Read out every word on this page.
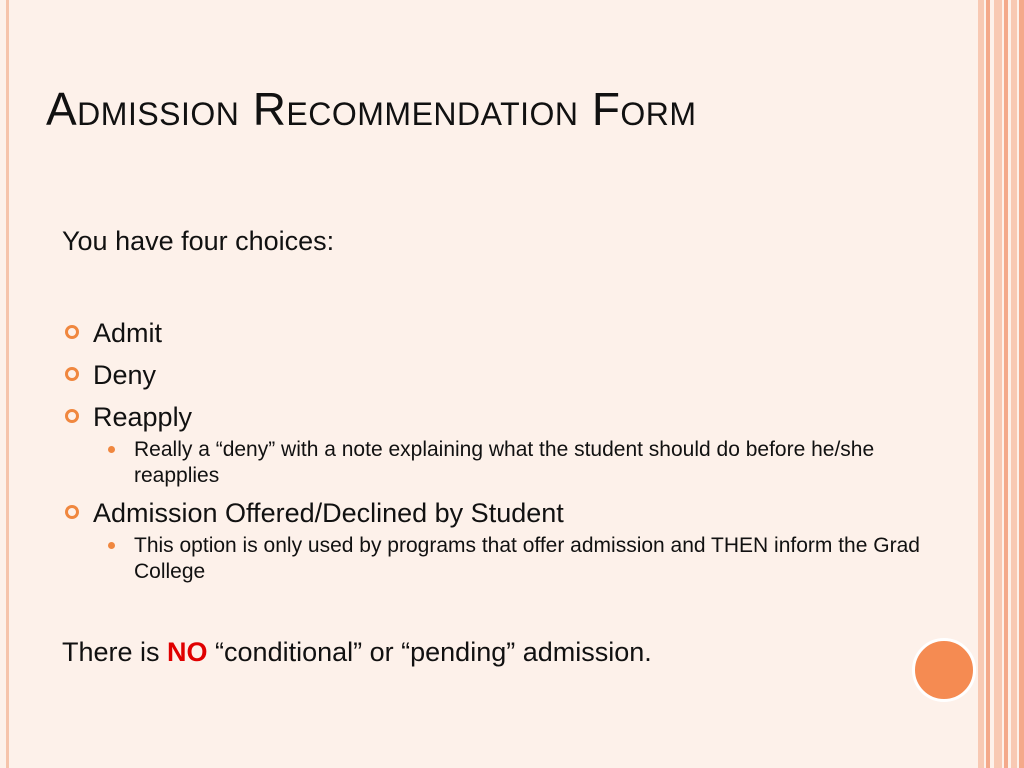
Admission Recommendation Form

You have four choices:

Admit
Deny
Reapply
Really a “deny” with a note explaining what the student should do before he/she reapplies
Admission Offered/Declined by Student
This option is only used by programs that offer admission and THEN inform the Grad College

There is NO “conditional” or “pending” admission.
